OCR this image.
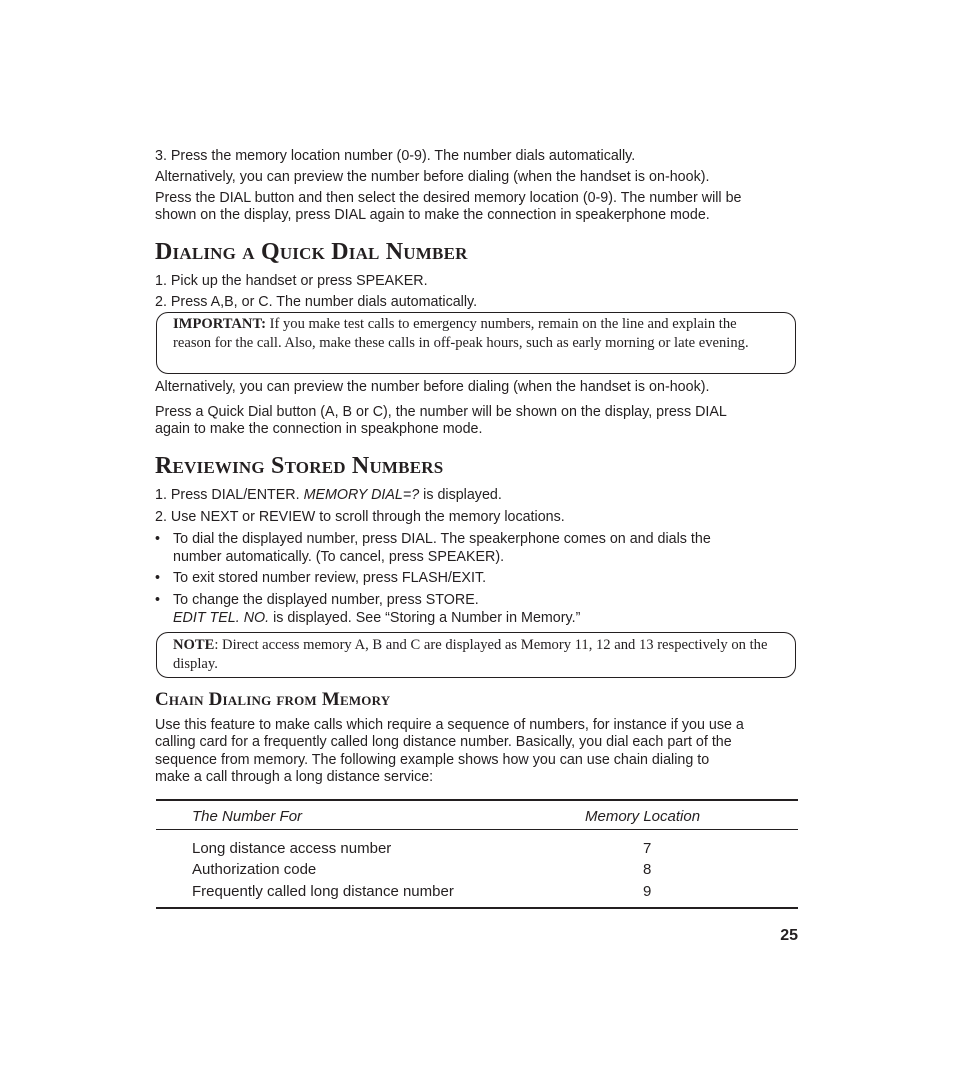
3. Press the memory location number (0-9). The number dials automatically.
Alternatively, you can preview the number before dialing (when the handset is on-hook).
Press the DIAL button and then select the desired memory location (0-9). The number will be
shown on the display, press DIAL again to make the connection in speakerphone mode.
Dialing a Quick Dial Number
1. Pick up the handset or press SPEAKER.
2. Press A,B, or C. The number dials automatically.

IMPORTANT: If you make test calls to emergency numbers, remain on the line and explain the reason for the call. Also, make these calls in off-peak hours, such as early morning or late evening.

Alternatively, you can preview the number before dialing (when the handset is on-hook).
Press a Quick Dial button (A, B or C), the number will be shown on the display, press DIAL
again to make the connection in speakphone mode.
Reviewing Stored Numbers
1. Press DIAL/ENTER. MEMORY DIAL=? is displayed.
2. Use NEXT or REVIEW to scroll through the memory locations.
• To dial the displayed number, press DIAL. The speakerphone comes on and dials the
number automatically. (To cancel, press SPEAKER).
• To exit stored number review, press FLASH/EXIT.
• To change the displayed number, press STORE.
EDIT TEL. NO. is displayed. See “Storing a Number in Memory.”

NOTE: Direct access memory A, B and C are displayed as Memory 11, 12 and 13 respectively on the display.

Chain Dialing from Memory
Use this feature to make calls which require a sequence of numbers, for instance if you use a
calling card for a frequently called long distance number. Basically, you dial each part of the
sequence from memory. The following example shows how you can use chain dialing to
make a call through a long distance service:
The Number For	Memory Location
Long distance access number	7
Authorization code	8
Frequently called long distance number	9
25
